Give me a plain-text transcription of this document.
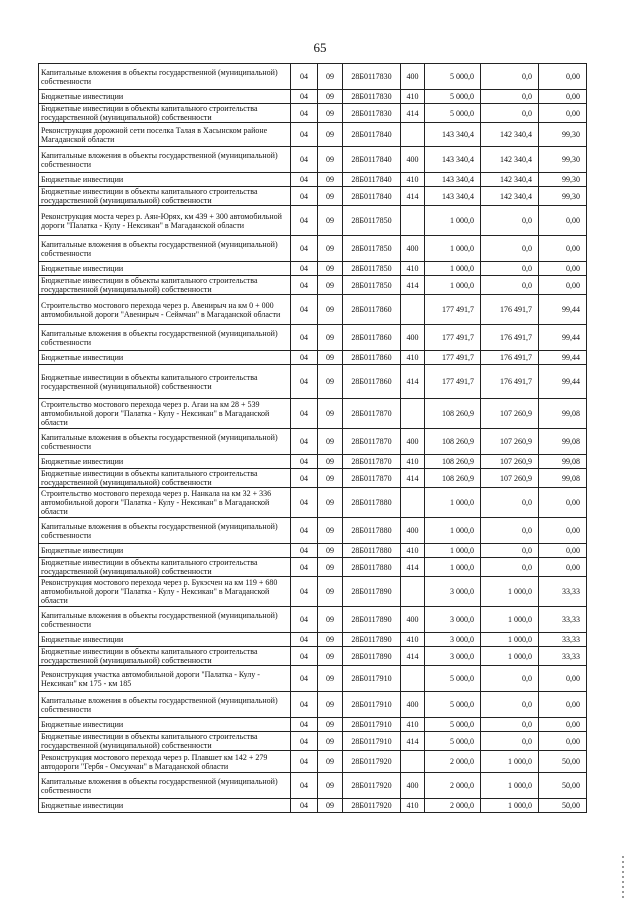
65
Капитальные вложения в объекты государственной (муниципальной) собственности	04	09	28Б0117830	400	5 000,0	0,0	0,00
Бюджетные инвестиции	04	09	28Б0117830	410	5 000,0	0,0	0,00
Бюджетные инвестиции в объекты капитального строительства государственной (муниципальной) собственности	04	09	28Б0117830	414	5 000,0	0,0	0,00
Реконструкция дорожной сети поселка Талая в Хасынском районе Магаданской области	04	09	28Б0117840		143 340,4	142 340,4	99,30
Капитальные вложения в объекты государственной (муниципальной) собственности	04	09	28Б0117840	400	143 340,4	142 340,4	99,30
Бюджетные инвестиции	04	09	28Б0117840	410	143 340,4	142 340,4	99,30
Бюджетные инвестиции в объекты капитального строительства государственной (муниципальной) собственности	04	09	28Б0117840	414	143 340,4	142 340,4	99,30
Реконструкция моста через р. Аян-Юрях, км 439 + 300 автомобильной дороги "Палатка - Кулу - Нексикан" в Магаданской области	04	09	28Б0117850		1 000,0	0,0	0,00
Капитальные вложения в объекты государственной (муниципальной) собственности	04	09	28Б0117850	400	1 000,0	0,0	0,00
Бюджетные инвестиции	04	09	28Б0117850	410	1 000,0	0,0	0,00
Бюджетные инвестиции в объекты капитального строительства государственной (муниципальной) собственности	04	09	28Б0117850	414	1 000,0	0,0	0,00
Строительство мостового перехода через р. Авенирыч на км 0 + 000 автомобильной дороги "Авенирыч - Сеймчан" в Магаданской области	04	09	28Б0117860		177 491,7	176 491,7	99,44
Капитальные вложения в объекты государственной (муниципальной) собственности	04	09	28Б0117860	400	177 491,7	176 491,7	99,44
Бюджетные инвестиции	04	09	28Б0117860	410	177 491,7	176 491,7	99,44
Бюджетные инвестиции в объекты капитального строительства государственной (муниципальной) собственности	04	09	28Б0117860	414	177 491,7	176 491,7	99,44
Строительство мостового перехода через р. Агаи на км 28 + 539 автомобильной дороги "Палатка - Кулу - Нексикан" в Магаданской области	04	09	28Б0117870		108 260,9	107 260,9	99,08
Капитальные вложения в объекты государственной (муниципальной) собственности	04	09	28Б0117870	400	108 260,9	107 260,9	99,08
Бюджетные инвестиции	04	09	28Б0117870	410	108 260,9	107 260,9	99,08
Бюджетные инвестиции в объекты капитального строительства государственной (муниципальной) собственности	04	09	28Б0117870	414	108 260,9	107 260,9	99,08
Строительство мостового перехода через р. Нанкала на км 32 + 336 автомобильной дороги "Палатка - Кулу - Нексикан" в Магаданской области	04	09	28Б0117880		1 000,0	0,0	0,00
Капитальные вложения в объекты государственной (муниципальной) собственности	04	09	28Б0117880	400	1 000,0	0,0	0,00
Бюджетные инвестиции	04	09	28Б0117880	410	1 000,0	0,0	0,00
Бюджетные инвестиции в объекты капитального строительства государственной (муниципальной) собственности	04	09	28Б0117880	414	1 000,0	0,0	0,00
Реконструкция мостового перехода через р. Букэсчен на км 119 + 680 автомобильной дороги "Палатка - Кулу - Нексикан" в Магаданской области	04	09	28Б0117890		3 000,0	1 000,0	33,33
Капитальные вложения в объекты государственной (муниципальной) собственности	04	09	28Б0117890	400	3 000,0	1 000,0	33,33
Бюджетные инвестиции	04	09	28Б0117890	410	3 000,0	1 000,0	33,33
Бюджетные инвестиции в объекты капитального строительства государственной (муниципальной) собственности	04	09	28Б0117890	414	3 000,0	1 000,0	33,33
Реконструкция участка автомобильной дороги "Палатка - Кулу - Нексикан" км 175 - км 185	04	09	28Б0117910		5 000,0	0,0	0,00
Капитальные вложения в объекты государственной (муниципальной) собственности	04	09	28Б0117910	400	5 000,0	0,0	0,00
Бюджетные инвестиции	04	09	28Б0117910	410	5 000,0	0,0	0,00
Бюджетные инвестиции в объекты капитального строительства государственной (муниципальной) собственности	04	09	28Б0117910	414	5 000,0	0,0	0,00
Реконструкция мостового перехода через р. Плавшет км 142 + 279 автодороги "Гербя - Омсукчан" в Магаданской области	04	09	28Б0117920		2 000,0	1 000,0	50,00
Капитальные вложения в объекты государственной (муниципальной) собственности	04	09	28Б0117920	400	2 000,0	1 000,0	50,00
Бюджетные инвестиции	04	09	28Б0117920	410	2 000,0	1 000,0	50,00
